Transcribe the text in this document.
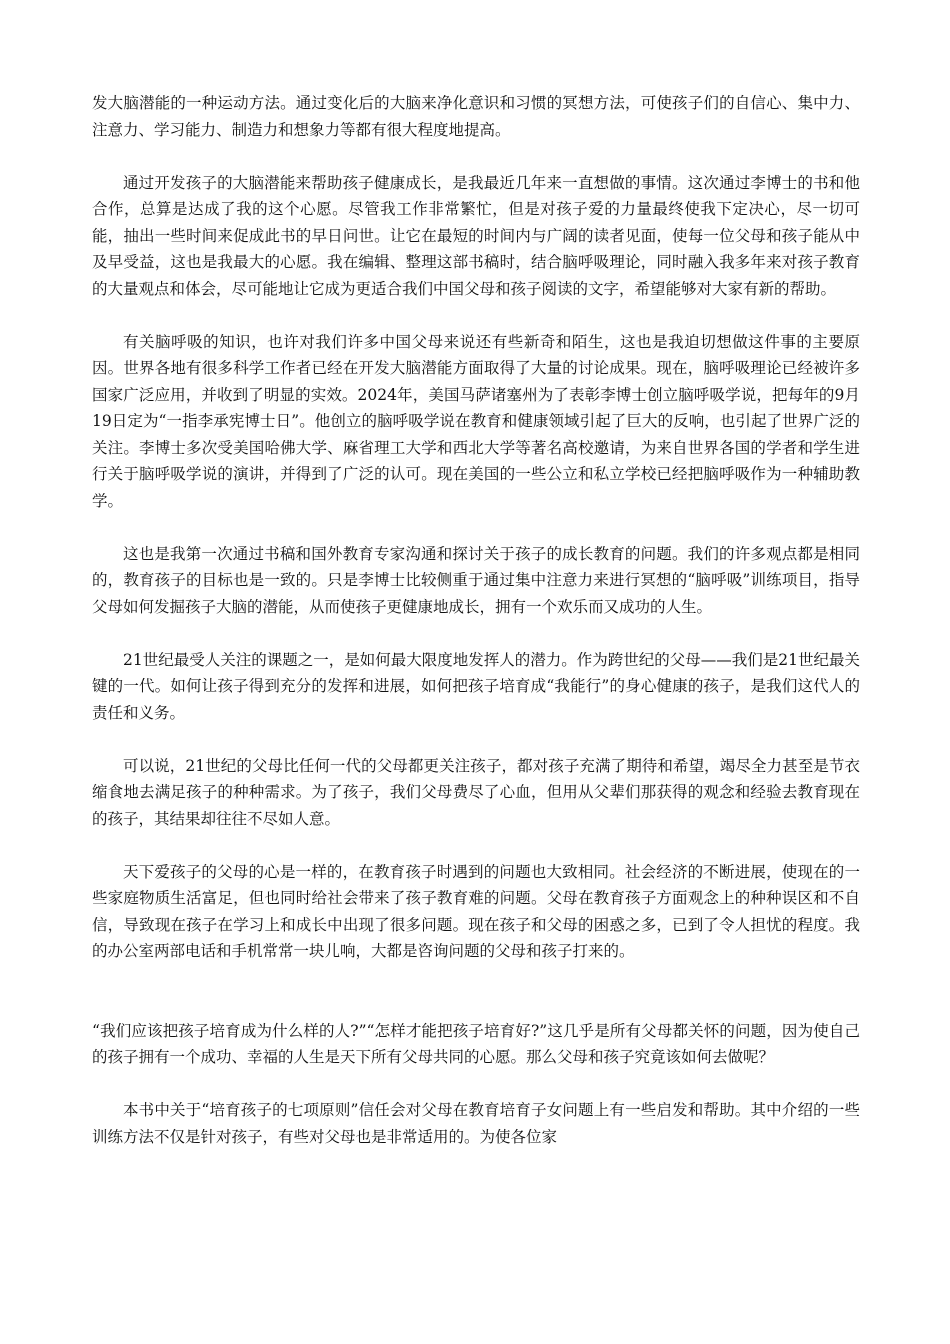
发大脑潜能的一种运动方法。通过变化后的大脑来净化意识和习惯的冥想方法，可使孩子们的自信心、集中力、注意力、学习能力、制造力和想象力等都有很大程度地提高。

通过开发孩子的大脑潜能来帮助孩子健康成长，是我最近几年来一直想做的事情。这次通过李博士的书和他合作，总算是达成了我的这个心愿。尽管我工作非常繁忙，但是对孩子爱的力量最终使我下定决心，尽一切可能，抽出一些时间来促成此书的早日问世。让它在最短的时间内与广阔的读者见面，使每一位父母和孩子能从中及早受益，这也是我最大的心愿。我在编辑、整理这部书稿时，结合脑呼吸理论，同时融入我多年来对孩子教育的大量观点和体会，尽可能地让它成为更适合我们中国父母和孩子阅读的文字，希望能够对大家有新的帮助。

有关脑呼吸的知识，也许对我们许多中国父母来说还有些新奇和陌生，这也是我迫切想做这件事的主要原因。世界各地有很多科学工作者已经在开发大脑潜能方面取得了大量的讨论成果。现在，脑呼吸理论已经被许多国家广泛应用，并收到了明显的实效。2024年，美国马萨诸塞州为了表彰李博士创立脑呼吸学说，把每年的9月19日定为“一指李承宪博士日”。他创立的脑呼吸学说在教育和健康领域引起了巨大的反响，也引起了世界广泛的关注。李博士多次受美国哈佛大学、麻省理工大学和西北大学等著名高校邀请，为来自世界各国的学者和学生进行关于脑呼吸学说的演讲，并得到了广泛的认可。现在美国的一些公立和私立学校已经把脑呼吸作为一种辅助教学。

这也是我第一次通过书稿和国外教育专家沟通和探讨关于孩子的成长教育的问题。我们的许多观点都是相同的，教育孩子的目标也是一致的。只是李博士比较侧重于通过集中注意力来进行冥想的“脑呼吸”训练项目，指导父母如何发掘孩子大脑的潜能，从而使孩子更健康地成长，拥有一个欢乐而又成功的人生。

21世纪最受人关注的课题之一，是如何最大限度地发挥人的潜力。作为跨世纪的父母——我们是21世纪最关键的一代。如何让孩子得到充分的发挥和进展，如何把孩子培育成“我能行”的身心健康的孩子，是我们这代人的责任和义务。

可以说，21世纪的父母比任何一代的父母都更关注孩子，都对孩子充满了期待和希望，竭尽全力甚至是节衣缩食地去满足孩子的种种需求。为了孩子，我们父母费尽了心血，但用从父辈们那获得的观念和经验去教育现在的孩子，其结果却往往不尽如人意。

天下爱孩子的父母的心是一样的，在教育孩子时遇到的问题也大致相同。社会经济的不断进展，使现在的一些家庭物质生活富足，但也同时给社会带来了孩子教育难的问题。父母在教育孩子方面观念上的种种误区和不自信，导致现在孩子在学习上和成长中出现了很多问题。现在孩子和父母的困惑之多，已到了令人担忧的程度。我的办公室两部电话和手机常常一块儿响，大都是咨询问题的父母和孩子打来的。

“我们应该把孩子培育成为什么样的人?”“怎样才能把孩子培育好?”这几乎是所有父母都关怀的问题，因为使自己的孩子拥有一个成功、幸福的人生是天下所有父母共同的心愿。那么父母和孩子究竟该如何去做呢？

本书中关于“培育孩子的七项原则”信任会对父母在教育培育子女问题上有一些启发和帮助。其中介绍的一些训练方法不仅是针对孩子，有些对父母也是非常适用的。为使各位家
